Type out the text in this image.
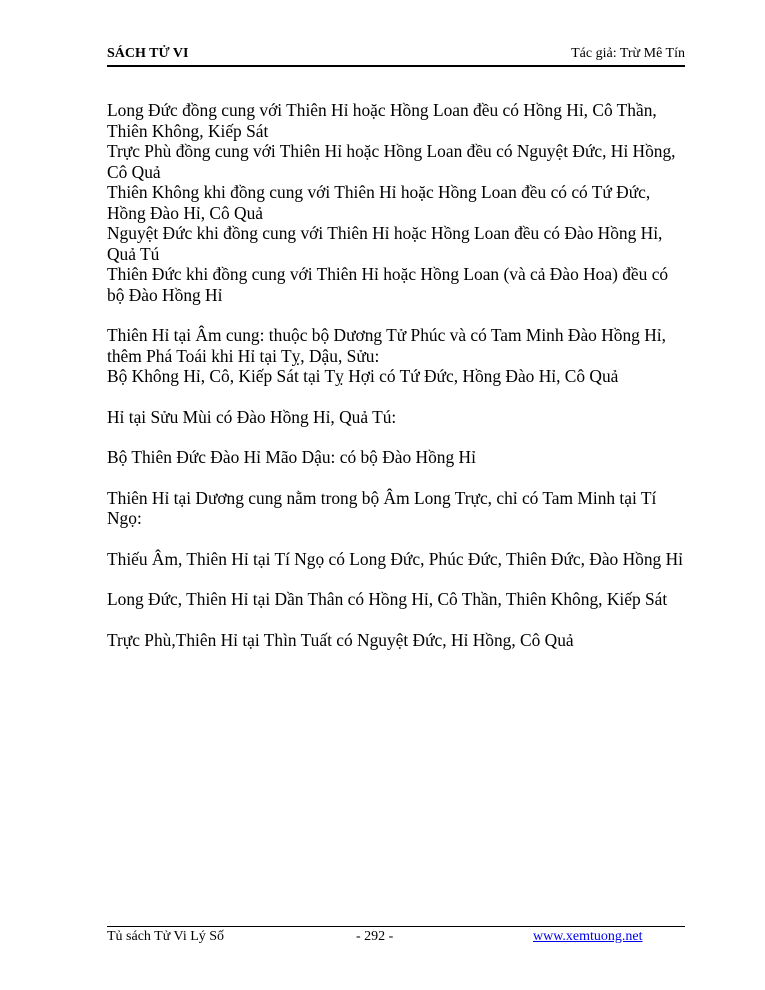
SÁCH TỬ VI	Tác giả: Trừ Mê Tín

Long Đức đồng cung với Thiên Hỉ hoặc Hồng Loan đều có Hồng Hỉ, Cô Thần, Thiên Không, Kiếp Sát

Trực Phù đồng cung với Thiên Hỉ hoặc Hồng Loan đều có Nguyệt Đức, Hỉ Hồng, Cô Quả

Thiên Không khi đồng cung với Thiên Hỉ hoặc Hồng Loan đều có có Tứ Đức, Hồng Đào Hỉ, Cô Quả

Nguyệt Đức khi đồng cung với Thiên Hỉ hoặc Hồng Loan đều có Đào Hồng Hỉ, Quả Tú

Thiên Đức khi đồng cung với Thiên Hỉ hoặc Hồng Loan (và cả Đào Hoa) đều có bộ Đào Hồng Hỉ

Thiên Hỉ tại Âm cung: thuộc bộ Dương Tử Phúc và có Tam Minh Đào Hồng Hỉ, thêm Phá Toái khi Hỉ tại Tỵ, Dậu, Sửu:

Bộ Không Hỉ, Cô, Kiếp Sát tại Tỵ Hợi có Tứ Đức, Hồng Đào Hỉ, Cô Quả

Hỉ tại Sửu Mùi có Đào Hồng Hỉ, Quả Tú:

Bộ Thiên Đức Đào Hỉ Mão Dậu: có bộ Đào Hồng Hỉ

Thiên Hỉ tại Dương cung nằm trong bộ Âm Long Trực, chỉ có Tam Minh tại Tí Ngọ:

Thiếu Âm, Thiên Hỉ tại Tí Ngọ có Long Đức, Phúc Đức, Thiên Đức, Đào Hồng Hỉ

Long Đức, Thiên Hỉ tại Dần Thân có Hồng Hỉ, Cô Thần, Thiên Không, Kiếp Sát

Trực Phù,Thiên Hỉ tại Thìn Tuất có Nguyệt Đức, Hỉ Hồng, Cô Quả

Tủ sách Tử Vi Lý Số	- 292 -	www.xemtuong.net
